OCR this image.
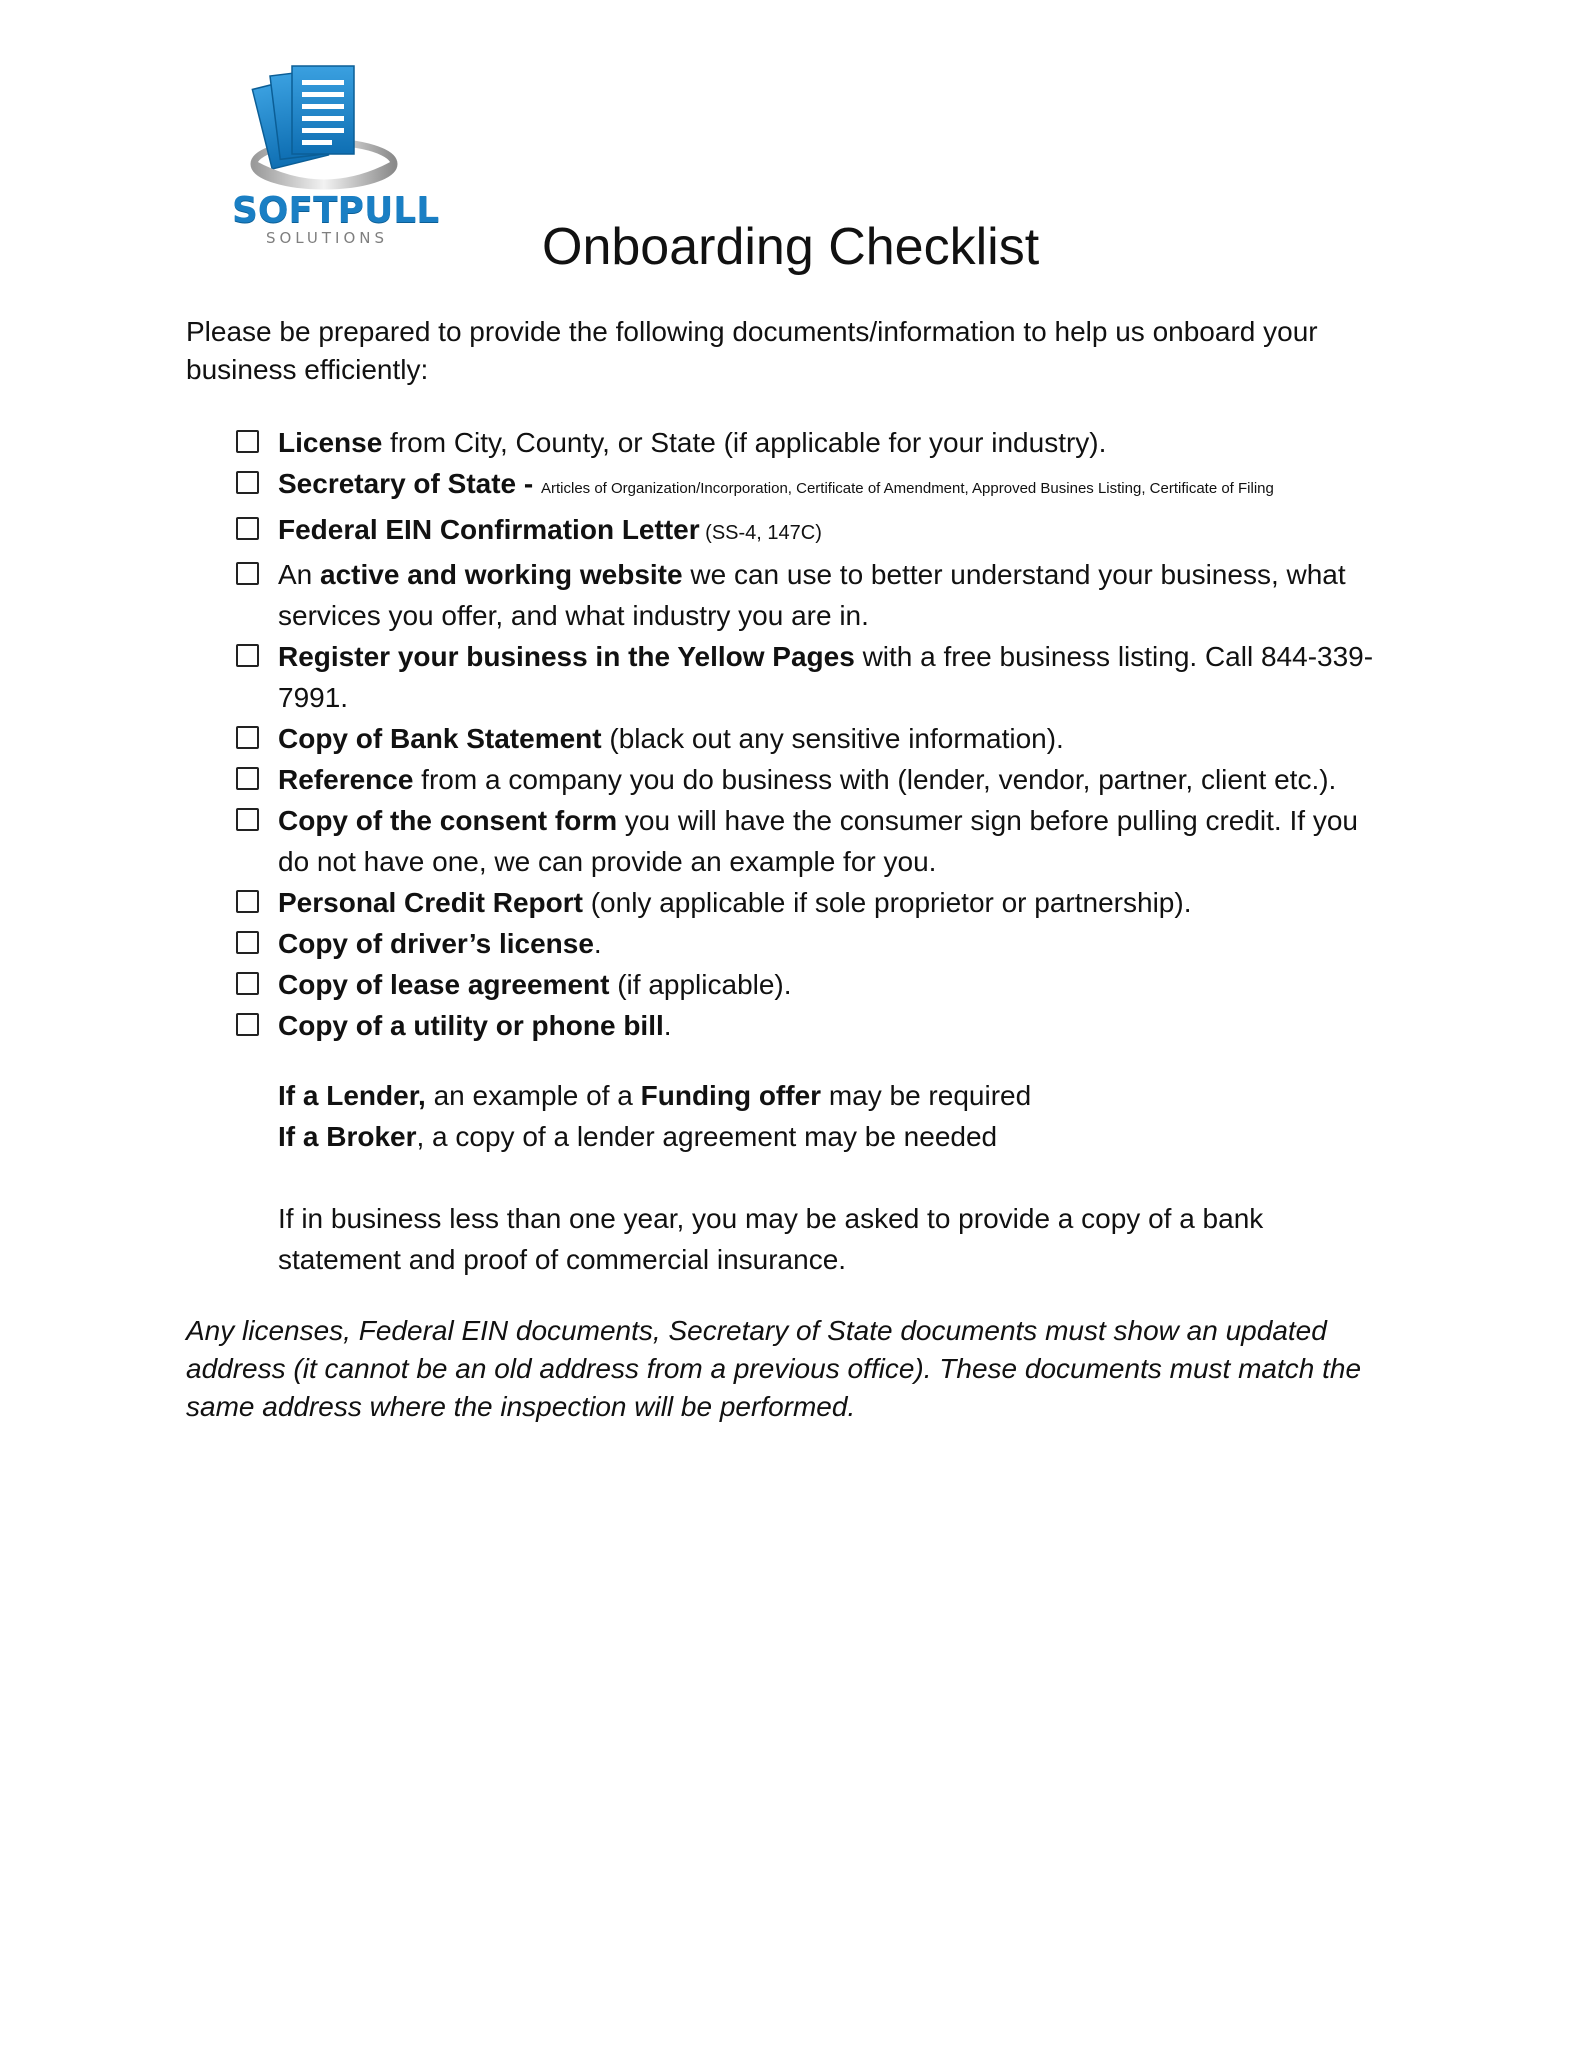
SOFTPULL
SOLUTIONS	Onboarding Checklist

Please be prepared to provide the following documents/information to help us onboard your business efficiently:

License from City, County, or State (if applicable for your industry).
Secretary of State - Articles of Organization/Incorporation, Certificate of Amendment, Approved Busines Listing, Certificate of Filing
Federal EIN Confirmation Letter (SS-4, 147C)
An active and working website we can use to better understand your business, what services you offer, and what industry you are in.
Register your business in the Yellow Pages with a free business listing. Call 844-339-7991.
Copy of Bank Statement (black out any sensitive information).
Reference from a company you do business with (lender, vendor, partner, client etc.).
Copy of the consent form you will have the consumer sign before pulling credit. If you do not have one, we can provide an example for you.
Personal Credit Report (only applicable if sole proprietor or partnership).
Copy of driver’s license.
Copy of lease agreement (if applicable).
Copy of a utility or phone bill.

If a Lender, an example of a Funding offer may be required

If a Broker, a copy of a lender agreement may be needed

If in business less than one year, you may be asked to provide a copy of a bank statement and proof of commercial insurance.

Any licenses, Federal EIN documents, Secretary of State documents must show an updated address (it cannot be an old address from a previous office). These documents must match the same address where the inspection will be performed.
